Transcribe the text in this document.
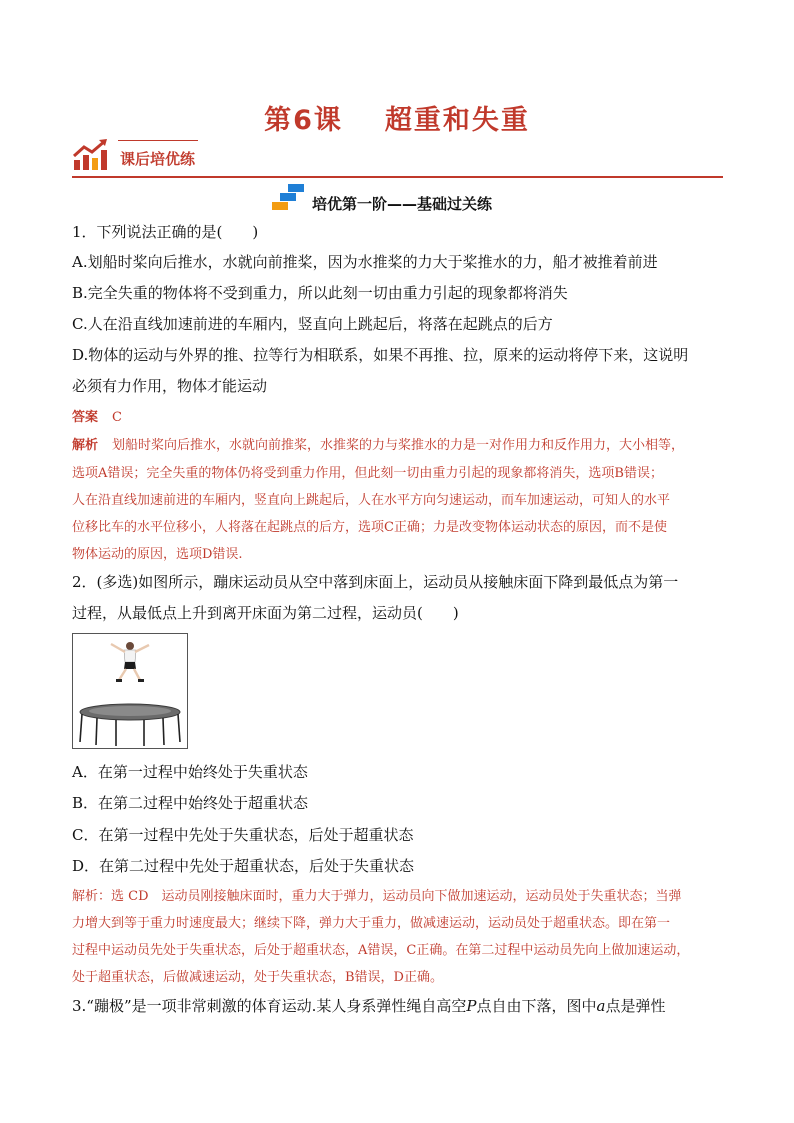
第6课 超重和失重
课后培优练
培优第一阶——基础过关练
1．下列说法正确的是(　　)
A.划船时桨向后推水，水就向前推桨，因为水推桨的力大于桨推水的力，船才被推着前进
B.完全失重的物体将不受到重力，所以此刻一切由重力引起的现象都将消失
C.人在沿直线加速前进的车厢内，竖直向上跳起后，将落在起跳点的后方
D.物体的运动与外界的推、拉等行为相联系，如果不再推、拉，原来的运动将停下来，这说明
必须有力作用，物体才能运动
答案 C
解析 划船时桨向后推水，水就向前推桨，水推桨的力与桨推水的力是一对作用力和反作用力，大小相等，
选项A错误；完全失重的物体仍将受到重力作用，但此刻一切由重力引起的现象都将消失，选项B错误；
人在沿直线加速前进的车厢内，竖直向上跳起后，人在水平方向匀速运动，而车加速运动，可知人的水平
位移比车的水平位移小，人将落在起跳点的后方，选项C正确；力是改变物体运动状态的原因，而不是使
物体运动的原因，选项D错误.
2．(多选)如图所示，蹦床运动员从空中落到床面上，运动员从接触床面下降到最低点为第一
过程，从最低点上升到离开床面为第二过程，运动员(　　)
A．在第一过程中始终处于失重状态
B．在第二过程中始终处于超重状态
C．在第一过程中先处于失重状态，后处于超重状态
D．在第二过程中先处于超重状态，后处于失重状态
解析：选 CD　运动员刚接触床面时，重力大于弹力，运动员向下做加速运动，运动员处于失重状态；当弹
力增大到等于重力时速度最大；继续下降，弹力大于重力，做减速运动，运动员处于超重状态。即在第一
过程中运动员先处于失重状态，后处于超重状态，A错误，C正确。在第二过程中运动员先向上做加速运动，
处于超重状态，后做减速运动，处于失重状态，B错误，D正确。
3.“蹦极”是一项非常刺激的体育运动.某人身系弹性绳自高空P点自由下落，图中a点是弹性
